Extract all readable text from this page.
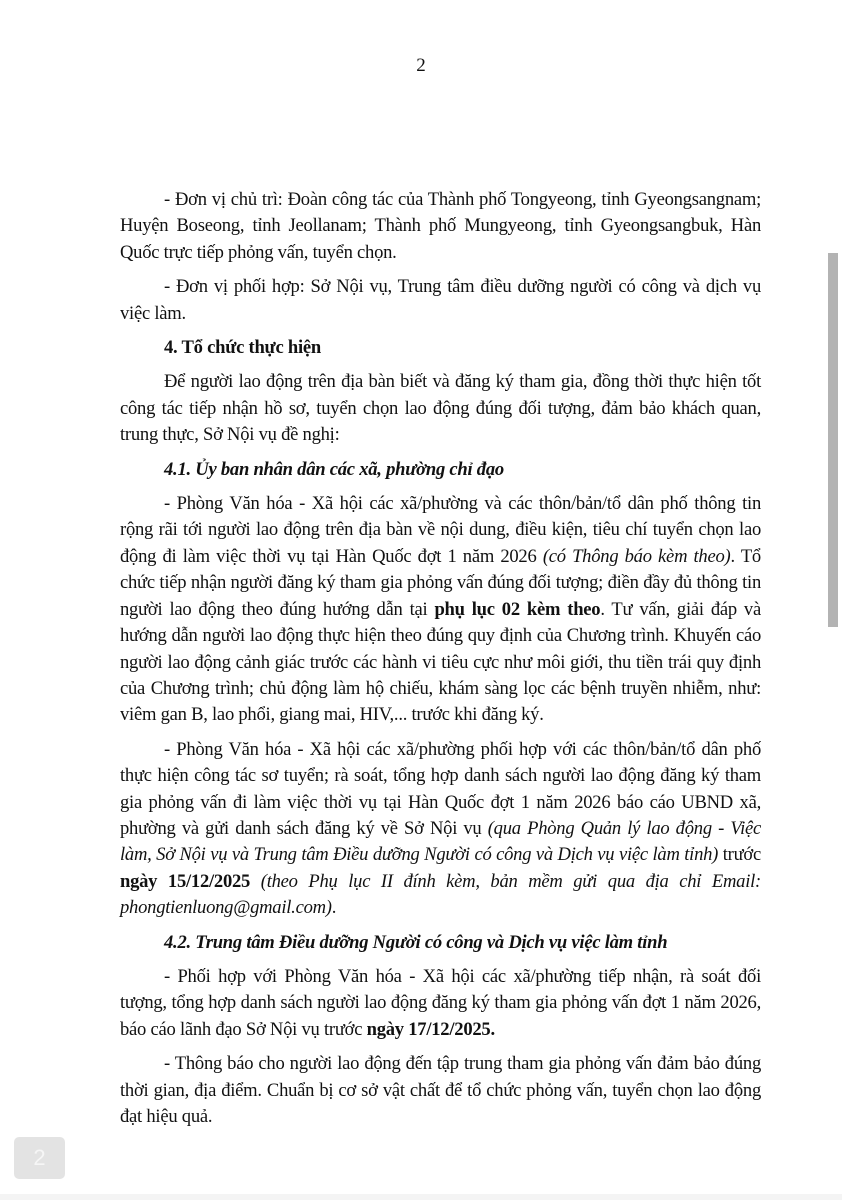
2

- Đơn vị chủ trì: Đoàn công tác của Thành phố Tongyeong, tỉnh Gyeongsangnam; Huyện Boseong, tỉnh Jeollanam; Thành phố Mungyeong, tỉnh Gyeongsangbuk, Hàn Quốc trực tiếp phỏng vấn, tuyển chọn.

- Đơn vị phối hợp: Sở Nội vụ, Trung tâm điều dưỡng người có công và dịch vụ việc làm.

4. Tổ chức thực hiện

Để người lao động trên địa bàn biết và đăng ký tham gia, đồng thời thực hiện tốt công tác tiếp nhận hồ sơ, tuyển chọn lao động đúng đối tượng, đảm bảo khách quan, trung thực, Sở Nội vụ đề nghị:

4.1. Ủy ban nhân dân các xã, phường chỉ đạo

- Phòng Văn hóa - Xã hội các xã/phường và các thôn/bản/tổ dân phố thông tin rộng rãi tới người lao động trên địa bàn về nội dung, điều kiện, tiêu chí tuyển chọn lao động đi làm việc thời vụ tại Hàn Quốc đợt 1 năm 2026 (có Thông báo kèm theo). Tổ chức tiếp nhận người đăng ký tham gia phỏng vấn đúng đối tượng; điền đầy đủ thông tin người lao động theo đúng hướng dẫn tại phụ lục 02 kèm theo. Tư vấn, giải đáp và hướng dẫn người lao động thực hiện theo đúng quy định của Chương trình. Khuyến cáo người lao động cảnh giác trước các hành vi tiêu cực như môi giới, thu tiền trái quy định của Chương trình; chủ động làm hộ chiếu, khám sàng lọc các bệnh truyền nhiễm, như: viêm gan B, lao phổi, giang mai, HIV,... trước khi đăng ký.

- Phòng Văn hóa - Xã hội các xã/phường phối hợp với các thôn/bản/tổ dân phố thực hiện công tác sơ tuyển; rà soát, tổng hợp danh sách người lao động đăng ký tham gia phỏng vấn đi làm việc thời vụ tại Hàn Quốc đợt 1 năm 2026 báo cáo UBND xã, phường và gửi danh sách đăng ký về Sở Nội vụ (qua Phòng Quản lý lao động - Việc làm, Sở Nội vụ và Trung tâm Điều dưỡng Người có công và Dịch vụ việc làm tỉnh) trước ngày 15/12/2025 (theo Phụ lục II đính kèm, bản mềm gửi qua địa chỉ Email: phongtienluong@gmail.com).

4.2. Trung tâm Điều dưỡng Người có công và Dịch vụ việc làm tỉnh

- Phối hợp với Phòng Văn hóa - Xã hội các xã/phường tiếp nhận, rà soát đối tượng, tổng hợp danh sách người lao động đăng ký tham gia phỏng vấn đợt 1 năm 2026, báo cáo lãnh đạo Sở Nội vụ trước ngày 17/12/2025.

- Thông báo cho người lao động đến tập trung tham gia phỏng vấn đảm bảo đúng thời gian, địa điểm. Chuẩn bị cơ sở vật chất để tổ chức phỏng vấn, tuyển chọn lao động đạt hiệu quả.

2
